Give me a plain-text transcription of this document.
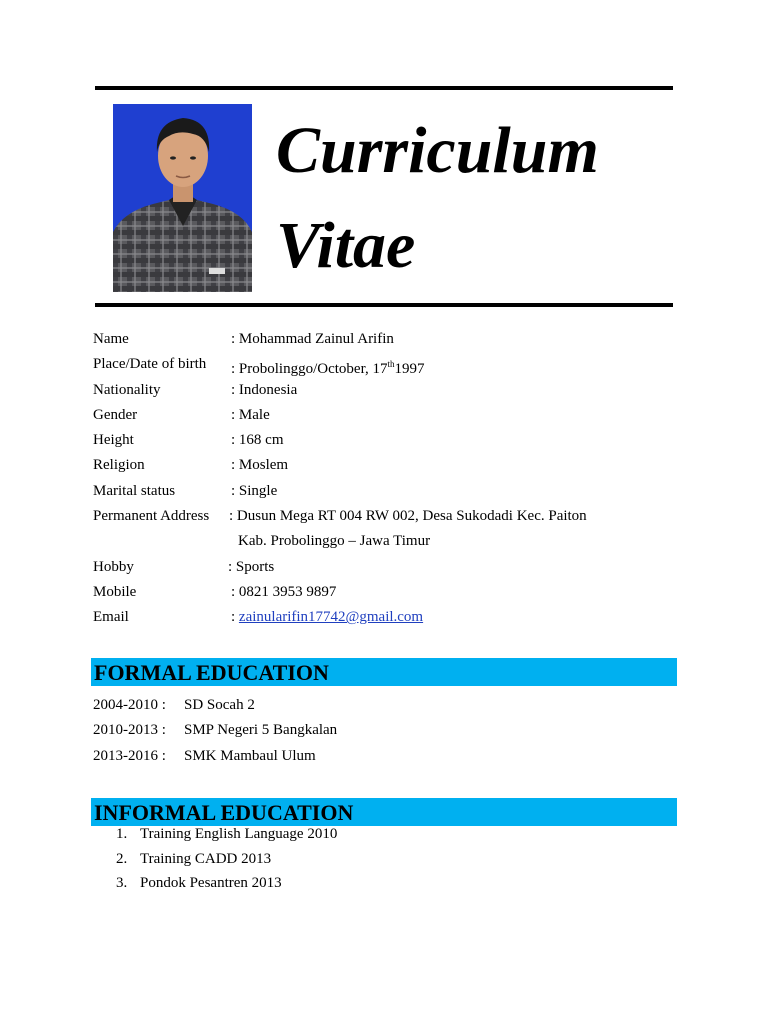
Curriculum
Vitae
Name	: Mohammad Zainul Arifin
Place/Date of birth : Probolinggo/October, 17th1997
Nationality	: Indonesia
Gender	: Male
Height	: 168 cm
Religion	: Moslem
Marital status	: Single
Permanent Address : Dusun Mega RT 004 RW 002, Desa Sukodadi Kec. Paiton
Kab. Probolinggo – Jawa Timur
Hobby	: Sports
Mobile	: 0821 3953 9897
Email	: zainularifin17742@gmail.com
FORMAL EDUCATION
2004-2010 : SD Socah 2
2010-2013 : SMP Negeri 5 Bangkalan
2013-2016 : SMK Mambaul Ulum
INFORMAL EDUCATION
1. Training English Language 2010
2. Training CADD 2013
3. Pondok Pesantren 2013
